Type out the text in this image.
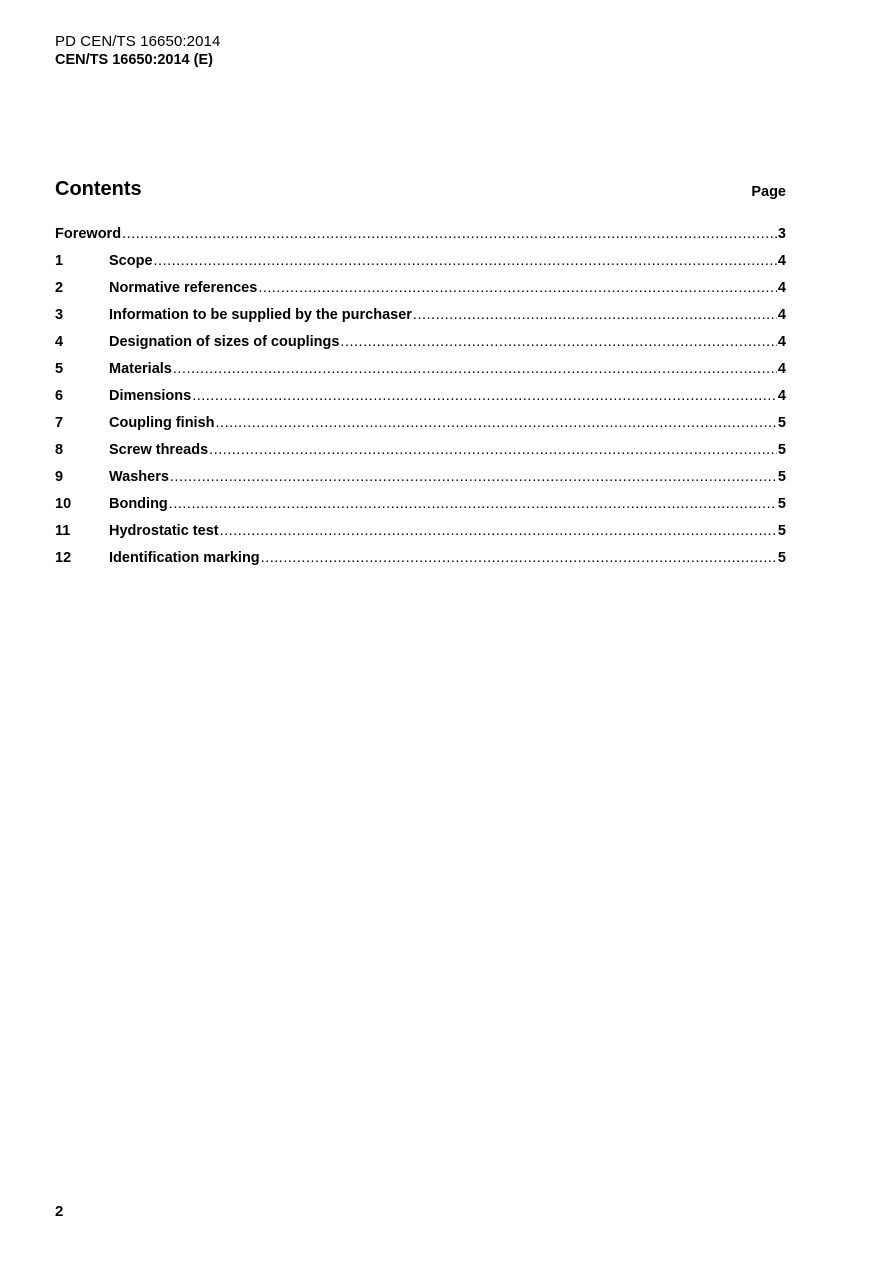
PD CEN/TS 16650:2014
CEN/TS 16650:2014 (E)
Contents	Page
Foreword .....	3
1	Scope .....	4
2	Normative references .....	4
3	Information to be supplied by the purchaser .....	4
4	Designation of sizes of couplings .....	4
5	Materials .....	4
6	Dimensions .....	4
7	Coupling finish .....	5
8	Screw threads .....	5
9	Washers .....	5
10	Bonding .....	5
11	Hydrostatic test .....	5
12	Identification marking .....	5
2
